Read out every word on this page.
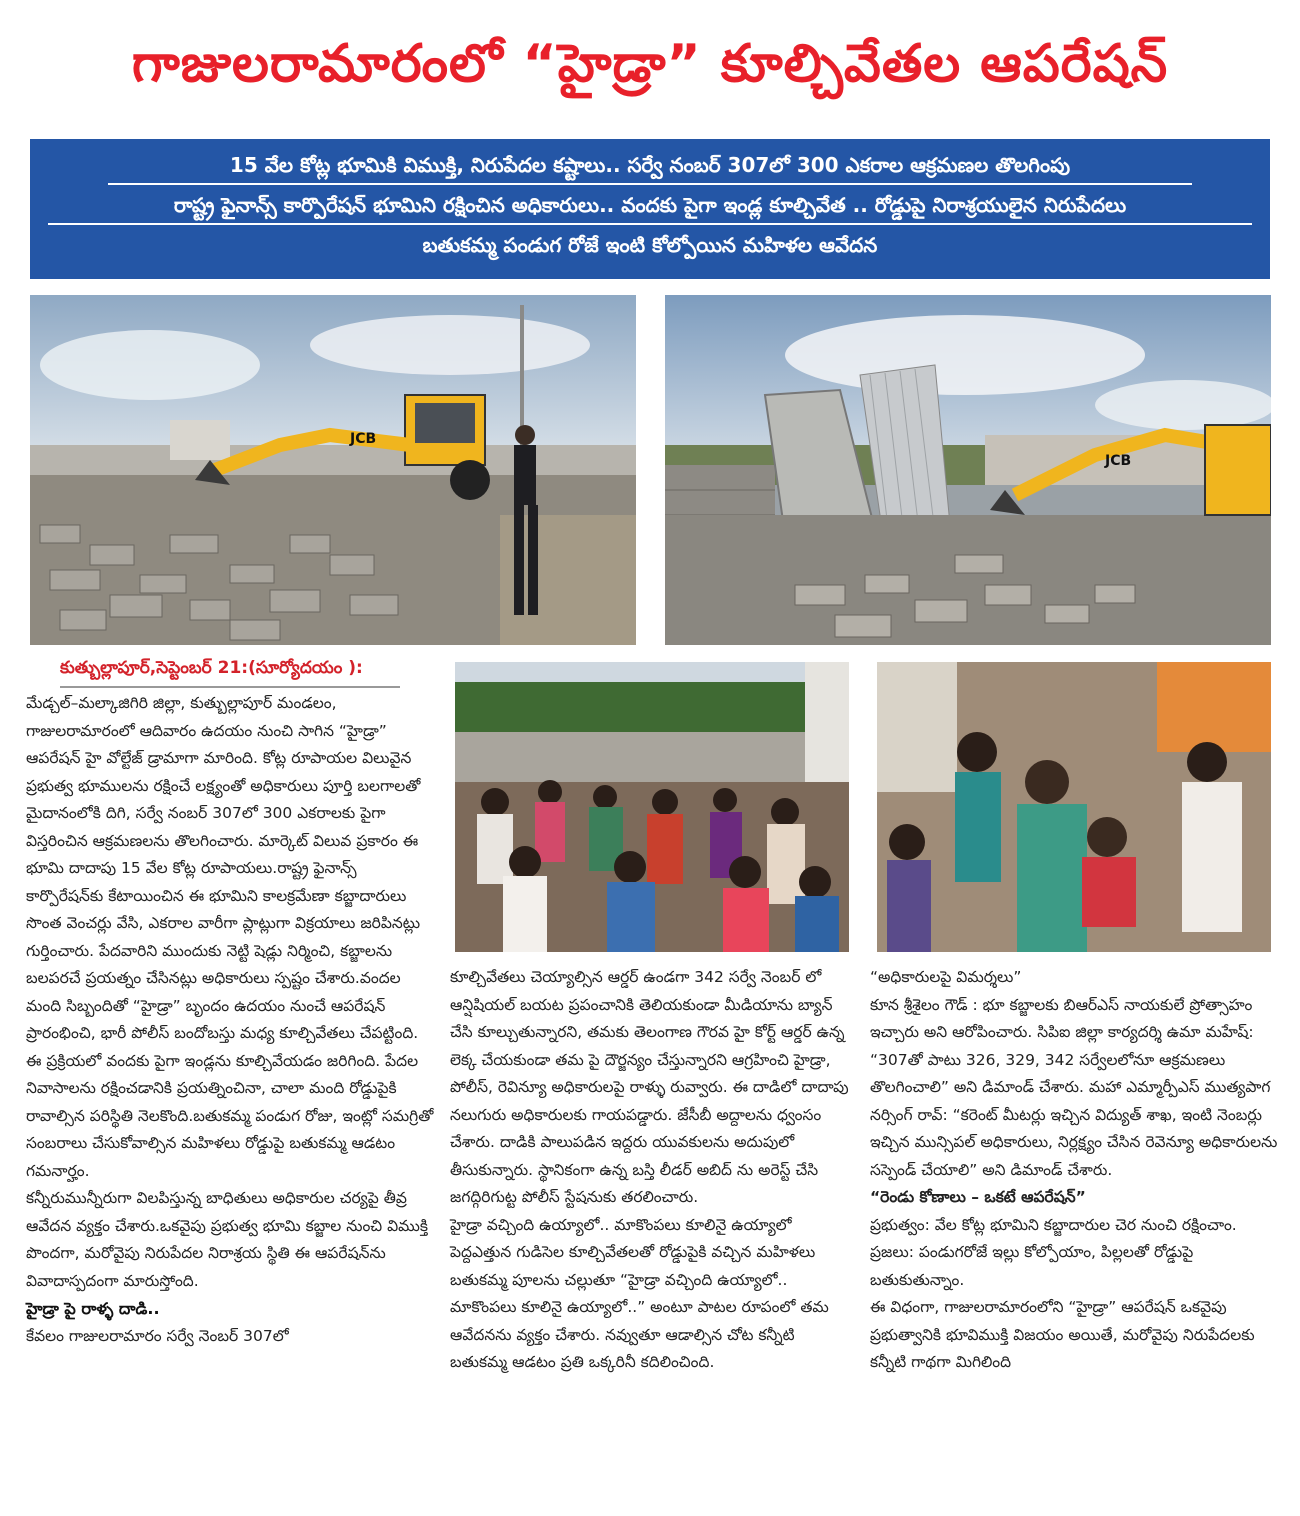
గాజులరామారంలో “హైడ్రా” కూల్చివేతల ఆపరేషన్
15 వేల కోట్ల భూమికి విముక్తి, నిరుపేదల కష్టాలు.. సర్వే నంబర్ 307లో 300 ఎకరాల ఆక్రమణల తొలగింపు
రాష్ట్ర ఫైనాన్స్ కార్పొరేషన్ భూమిని రక్షించిన అధికారులు.. వందకు పైగా ఇండ్ల కూల్చివేత .. రోడ్డుపై నిరాశ్రయులైన నిరుపేదలు
బతుకమ్మ పండుగ రోజే ఇంటి కోల్పోయిన మహిళల ఆవేదన
JCB
JCB
కుత్బుల్లాపూర్,సెప్టెంబర్ 21:(సూర్యోదయం ):

మేడ్చల్–మల్కాజిగిరి జిల్లా, కుత్బుల్లాపూర్ మండలం, గాజులరామారంలో ఆదివారం ఉదయం నుంచి సాగిన “హైడ్రా” ఆపరేషన్ హై వోల్టేజ్ డ్రామాగా మారింది. కోట్ల రూపాయల విలువైన ప్రభుత్వ భూములను రక్షించే లక్ష్యంతో అధికారులు పూర్తి బలగాలతో మైదానంలోకి దిగి, సర్వే నంబర్ 307లో 300 ఎకరాలకు పైగా విస్తరించిన ఆక్రమణలను తొలగించారు. మార్కెట్ విలువ ప్రకారం ఈ భూమి దాదాపు 15 వేల కోట్ల రూపాయలు.రాష్ట్ర ఫైనాన్స్ కార్పొరేషన్‌కు కేటాయించిన ఈ భూమిని కాలక్రమేణా కబ్జాదారులు సొంత వెంచర్లు వేసి, ఎకరాల వారీగా ప్లాట్లుగా విక్రయాలు జరిపినట్లు గుర్తించారు. పేదవారిని ముందుకు నెట్టి షెడ్లు నిర్మించి, కబ్జాలను బలపరచే ప్రయత్నం చేసినట్లు అధికారులు స్పష్టం చేశారు.వందల మంది సిబ్బందితో “హైడ్రా” బృందం ఉదయం నుంచే ఆపరేషన్ ప్రారంభించి, భారీ పోలీస్ బందోబస్తు మధ్య కూల్చివేతలు చేపట్టింది. ఈ ప్రక్రియలో వందకు పైగా ఇండ్లను కూల్చివేయడం జరిగింది. పేదల నివాసాలను రక్షించడానికి ప్రయత్నించినా, చాలా మంది రోడ్డుపైకి రావాల్సిన పరిస్థితి నెలకొంది.బతుకమ్మ పండుగ రోజు, ఇంట్లో సమగ్రితో సంబరాలు చేసుకోవాల్సిన మహిళలు రోడ్డుపై బతుకమ్మ ఆడటం గమనార్హం.

కన్నీరుమున్నీరుగా విలపిస్తున్న బాధితులు అధికారుల చర్యపై తీవ్ర ఆవేదన వ్యక్తం చేశారు.ఒకవైపు ప్రభుత్వ భూమి కబ్జాల నుంచి విముక్తి పొందగా, మరోవైపు నిరుపేదల నిరాశ్రయ స్థితి ఈ ఆపరేషన్‌ను వివాదాస్పదంగా మారుస్తోంది.

హైడ్రా పై రాళ్ళ దాడి..

కేవలం గాజులరామారం సర్వే నెంబర్ 307లో

కూల్చివేతలు చెయ్యాల్సిన ఆర్డర్ ఉండగా 342 సర్వే నెంబర్ లో ఆన్షిషియల్ బయట ప్రపంచానికి తెలియకుండా మీడియాను బ్యాన్ చేసి కూల్చుతున్నారని, తమకు తెలంగాణ గౌరవ హై కోర్ట్ ఆర్డర్ ఉన్న లెక్క చేయకుండా తమ పై దౌర్జన్యం చేస్తున్నారని ఆగ్రహించి హైడ్రా, పోలీస్, రెవిన్యూ అధికారులపై రాళ్ళు రువ్వారు. ఈ దాడిలో దాదాపు నలుగురు అధికారులకు గాయపడ్డారు. జేసీబీ అద్దాలను ధ్వంసం చేశారు. దాడికి పాలుపడిన ఇద్దరు యువకులను అదుపులో తీసుకున్నారు. స్థానికంగా ఉన్న బస్తి లీడర్ అబిద్ ను అరెస్ట్ చేసి జగద్గిరిగుట్ట పోలీస్ స్టేషనుకు తరలించారు.

హైడ్రా వచ్చింది ఉయ్యాలో.. మాకొంపలు కూలినై ఉయ్యాలో

పెద్దఎత్తున గుడిసెల కూల్చివేతలతో రోడ్డుపైకి వచ్చిన మహిళలు బతుకమ్మ పూలను చల్లుతూ “హైడ్రా వచ్చింది ఉయ్యాలో.. మాకొంపలు కూలినై ఉయ్యాలో..” అంటూ పాటల రూపంలో తమ ఆవేదనను వ్యక్తం చేశారు. నవ్వుతూ ఆడాల్సిన చోట కన్నీటి బతుకమ్మ ఆడటం ప్రతి ఒక్కరినీ కదిలించింది.

“అధికారులపై విమర్శలు”

కూన శ్రీశైలం గౌడ్ : భూ కబ్జాలకు బిఆర్ఎస్ నాయకులే ప్రోత్సాహం ఇచ్చారు అని ఆరోపించారు. సిపిఐ జిల్లా కార్యదర్శి ఉమా మహేష్: “307తో పాటు 326, 329, 342 సర్వేలలోనూ ఆక్రమణలు తొలగించాలి” అని డిమాండ్ చేశారు. మహా ఎమ్మార్పీఎస్ ముత్యపాగ నర్సింగ్ రావ్: “కరెంట్ మీటర్లు ఇచ్చిన విద్యుత్ శాఖ, ఇంటి నెంబర్లు ఇచ్చిన మున్సిపల్ అధికారులు, నిర్లక్ష్యం చేసిన రెవెన్యూ అధికారులను సస్పెండ్ చేయాలి” అని డిమాండ్ చేశారు.

“రెండు కోణాలు – ఒకటే ఆపరేషన్”

ప్రభుత్వం: వేల కోట్ల భూమిని కబ్జాదారుల చెర నుంచి రక్షించాం.

ప్రజలు: పండుగరోజే ఇల్లు కోల్పోయాం, పిల్లలతో రోడ్డుపై బతుకుతున్నాం.

ఈ విధంగా, గాజులరామారంలోని “హైడ్రా” ఆపరేషన్ ఒకవైపు ప్రభుత్వానికి భూవిముక్తి విజయం అయితే, మరోవైపు నిరుపేదలకు కన్నీటి గాథగా మిగిలింది
